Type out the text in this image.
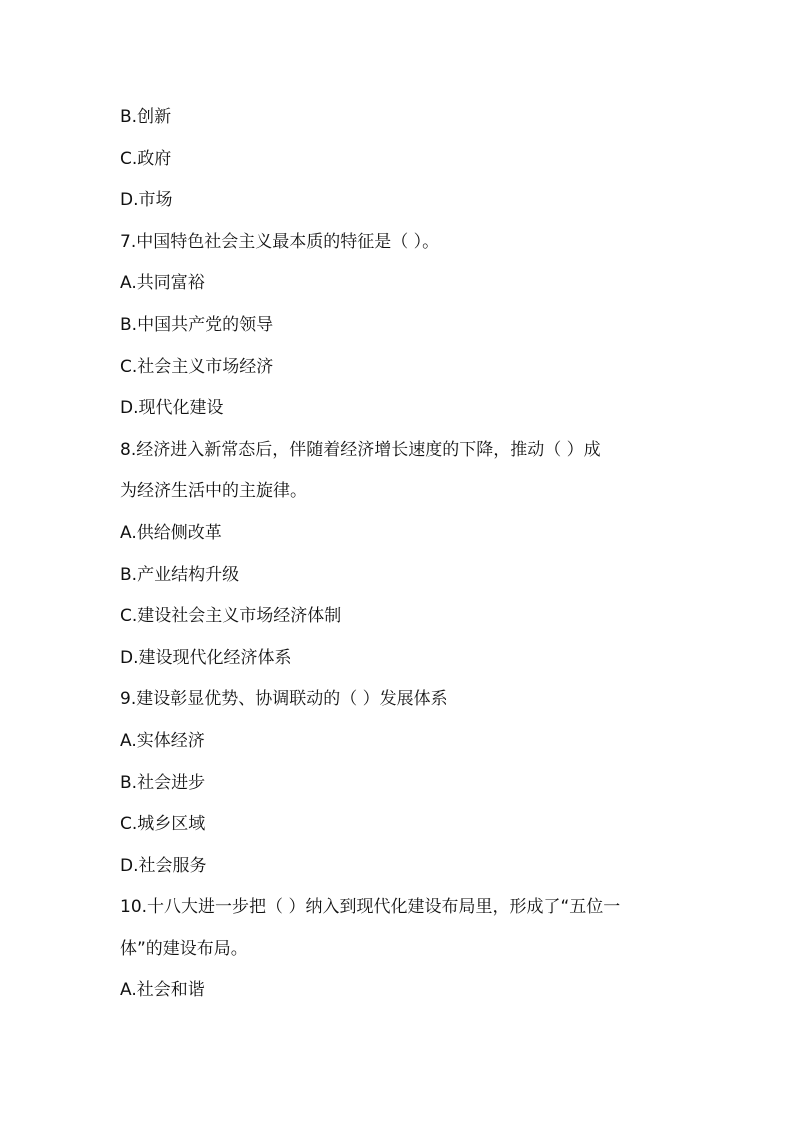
B.创新
C.政府
D.市场
7.中国特色社会主义最本质的特征是（ ）。
A.共同富裕
B.中国共产党的领导
C.社会主义市场经济
D.现代化建设
8.经济进入新常态后，伴随着经济增长速度的下降，推动（ ）成
为经济生活中的主旋律。
A.供给侧改革
B.产业结构升级
C.建设社会主义市场经济体制
D.建设现代化经济体系
9.建设彰显优势、协调联动的（ ）发展体系
A.实体经济
B.社会进步
C.城乡区域
D.社会服务
10.十八大进一步把（ ）纳入到现代化建设布局里，形成了“五位一
体”的建设布局。
A.社会和谐
